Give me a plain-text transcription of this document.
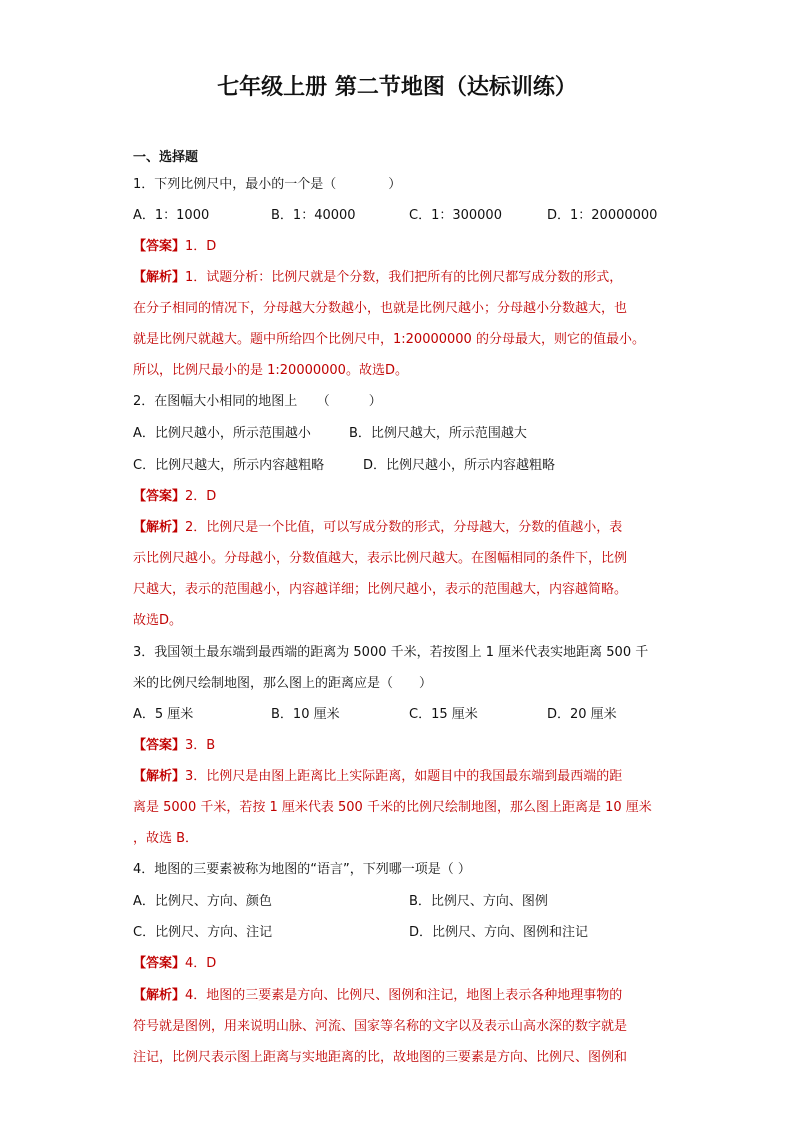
七年级上册 第二节地图（达标训练）
一、选择题
1．下列比例尺中，最小的一个是（　　　　）
A．1：1000	B．1：40000	C．1：300000	D．1：20000000
【答案】1．D
【解析】1．试题分析：比例尺就是个分数，我们把所有的比例尺都写成分数的形式，
在分子相同的情况下，分母越大分数越小，也就是比例尺越小；分母越小分数越大，也
就是比例尺就越大。题中所给四个比例尺中，1:20000000 的分母最大，则它的值最小。
所以，比例尺最小的是 1:20000000。故选D。
2．在图幅大小相同的地图上　　（　　　）
A．比例尺越小，所示范围越小	B．比例尺越大，所示范围越大
C．比例尺越大，所示内容越粗略	D．比例尺越小，所示内容越粗略
【答案】2．D
【解析】2．比例尺是一个比值，可以写成分数的形式，分母越大，分数的值越小，表
示比例尺越小。分母越小，分数值越大，表示比例尺越大。在图幅相同的条件下，比例
尺越大，表示的范围越小，内容越详细；比例尺越小，表示的范围越大，内容越简略。
故选D。
3．我国领土最东端到最西端的距离为 5000 千米，若按图上 1 厘米代表实地距离 500 千
米的比例尺绘制地图，那么图上的距离应是（　　）
A．5 厘米	B．10 厘米	C．15 厘米	D．20 厘米
【答案】3．B
【解析】3．比例尺是由图上距离比上实际距离，如题目中的我国最东端到最西端的距
离是 5000 千米，若按 1 厘米代表 500 千米的比例尺绘制地图，那么图上距离是 10 厘米
，故选 B．
4．地图的三要素被称为地图的“语言”，下列哪一项是（ ）
A．比例尺、方向、颜色	B．比例尺、方向、图例
C．比例尺、方向、注记	D．比例尺、方向、图例和注记
【答案】4．D
【解析】4．地图的三要素是方向、比例尺、图例和注记，地图上表示各种地理事物的
符号就是图例，用来说明山脉、河流、国家等名称的文字以及表示山高水深的数字就是
注记，比例尺表示图上距离与实地距离的比，故地图的三要素是方向、比例尺、图例和
